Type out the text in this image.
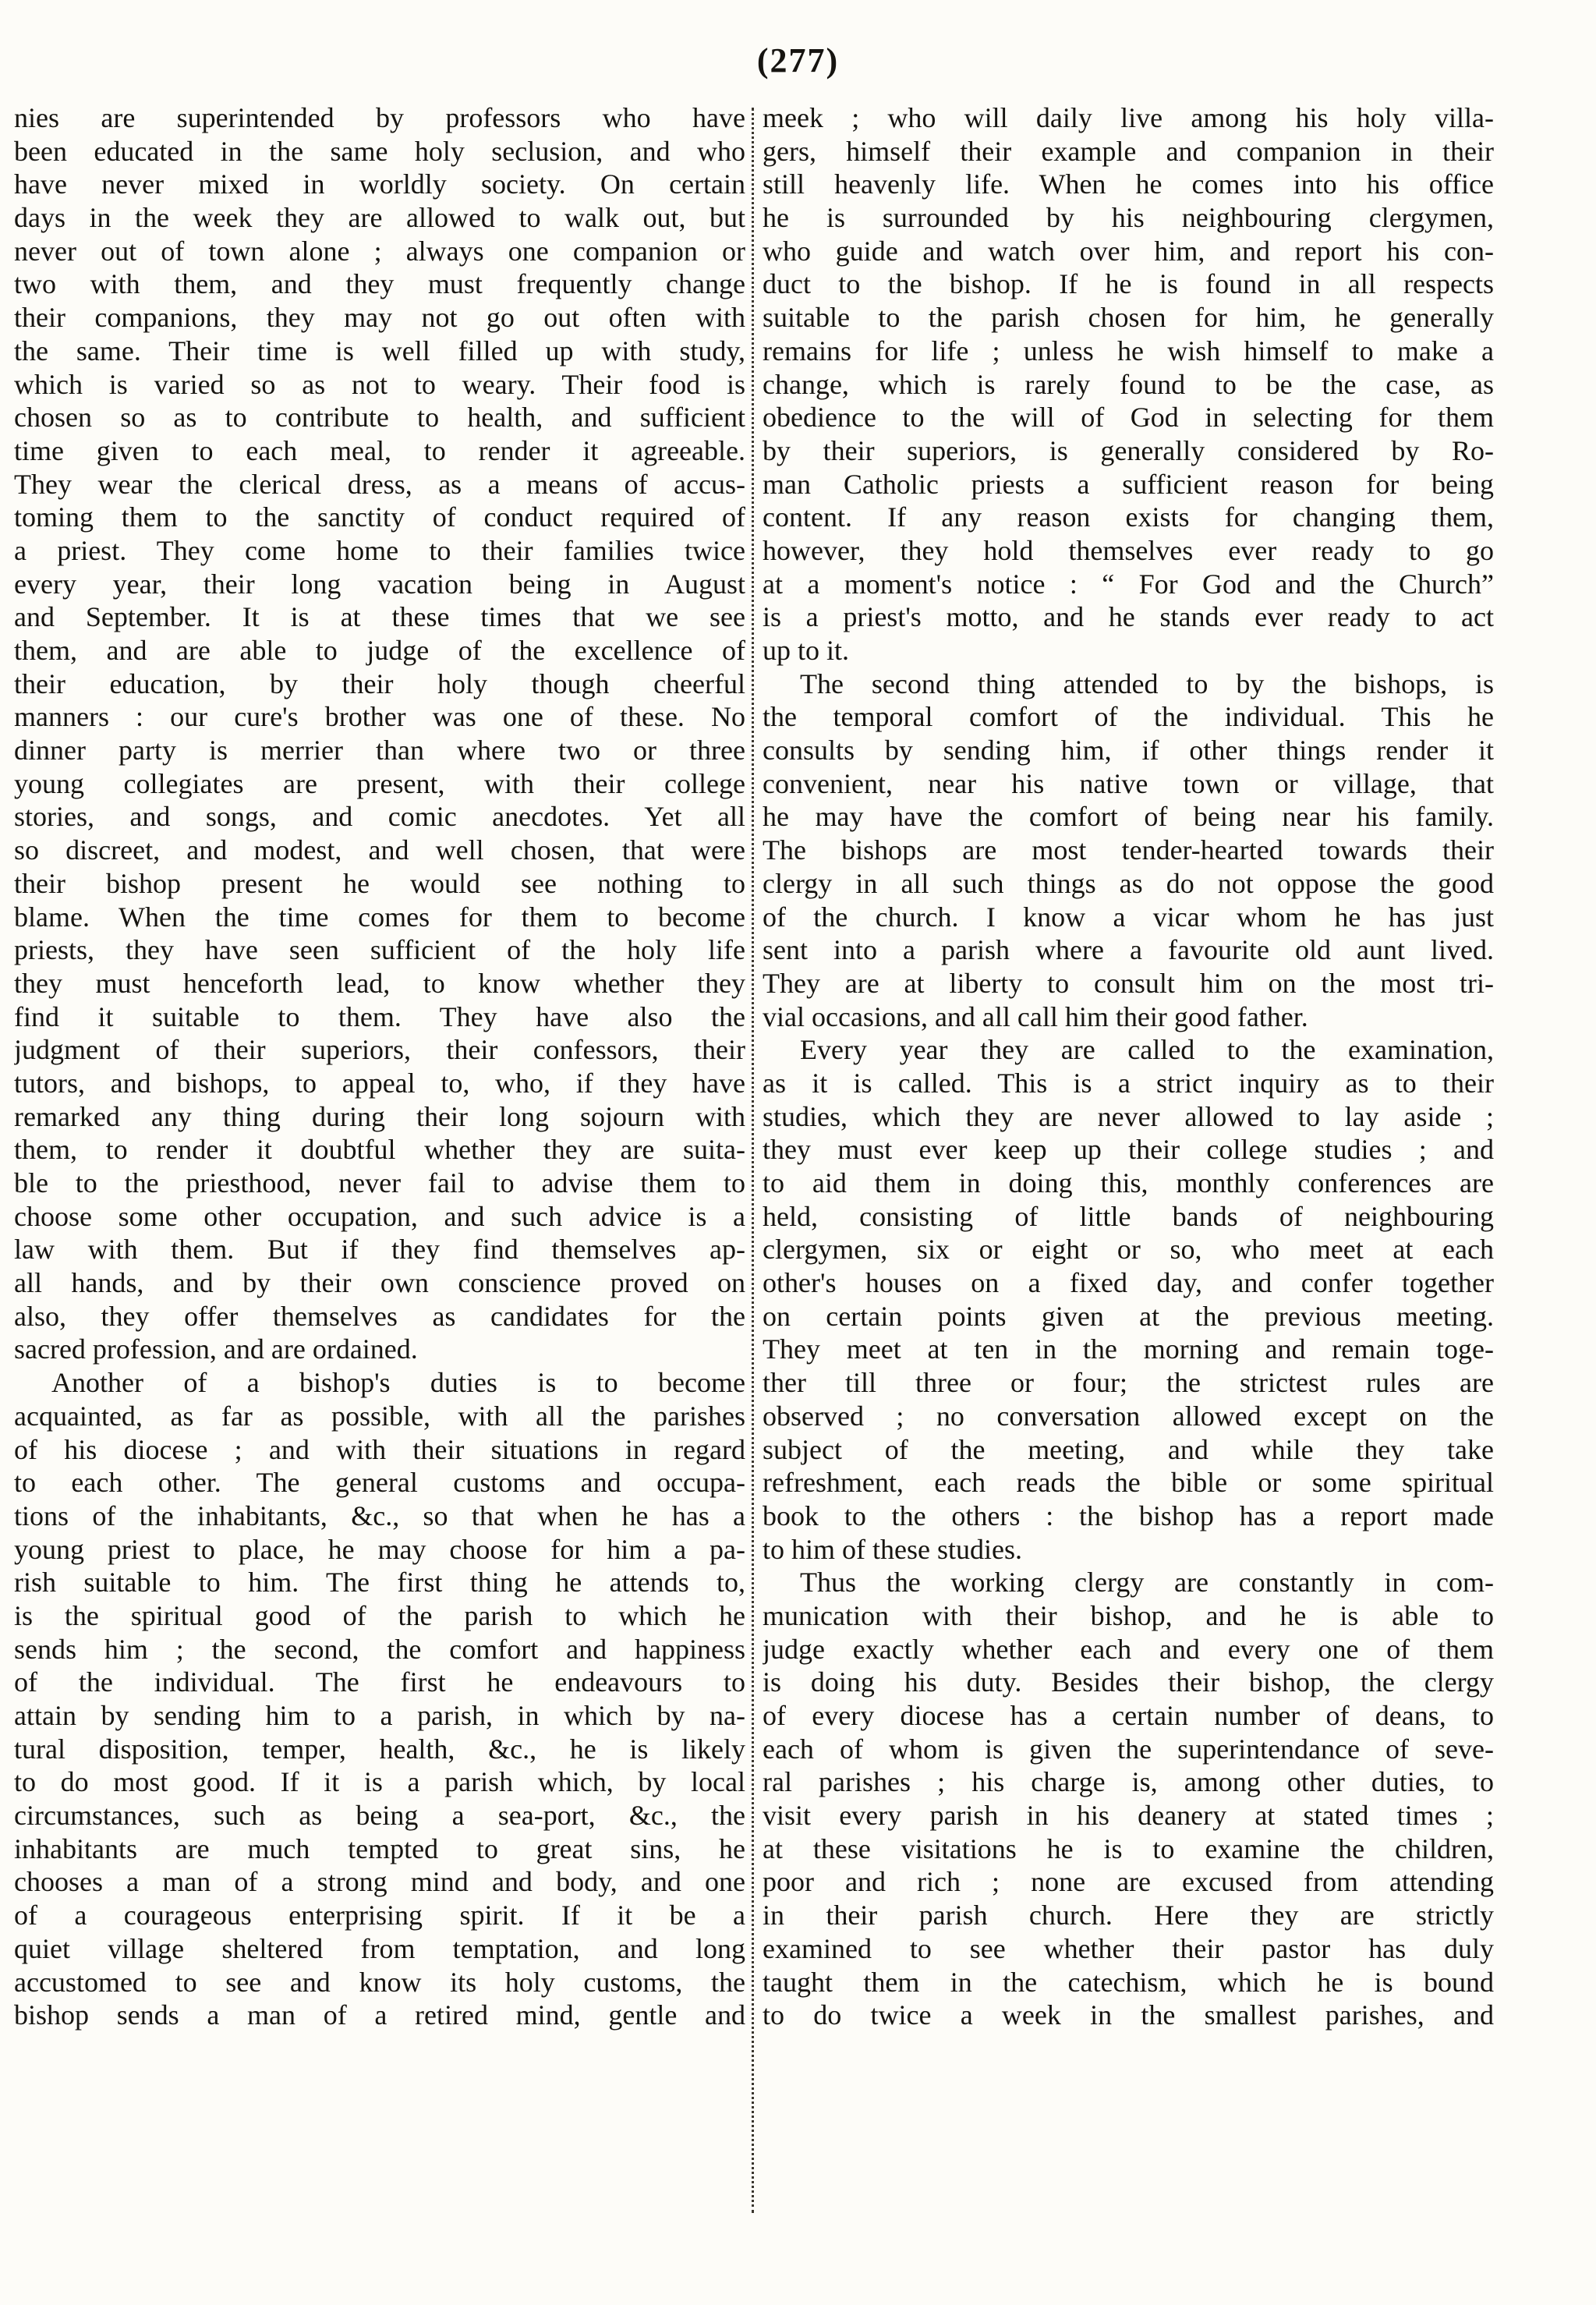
(277)

nies are superintended by professors who have

been educated in the same holy seclusion, and who

have never mixed in worldly society. On certain

days in the week they are allowed to walk out, but

never out of town alone ; always one companion or

two with them, and they must frequently change

their companions, they may not go out often with

the same. Their time is well filled up with study,

which is varied so as not to weary. Their food is

chosen so as to contribute to health, and sufficient

time given to each meal, to render it agreeable.

They wear the clerical dress, as a means of accus-

toming them to the sanctity of conduct required of

a priest. They come home to their families twice

every year, their long vacation being in August

and September. It is at these times that we see

them, and are able to judge of the excellence of

their education, by their holy though cheerful

manners : our cure's brother was one of these. No

dinner party is merrier than where two or three

young collegiates are present, with their college

stories, and songs, and comic anecdotes. Yet all

so discreet, and modest, and well chosen, that were

their bishop present he would see nothing to

blame. When the time comes for them to become

priests, they have seen sufficient of the holy life

they must henceforth lead, to know whether they

find it suitable to them. They have also the

judgment of their superiors, their confessors, their

tutors, and bishops, to appeal to, who, if they have

remarked any thing during their long sojourn with

them, to render it doubtful whether they are suita-

ble to the priesthood, never fail to advise them to

choose some other occupation, and such advice is a

law with them. But if they find themselves ap-

all hands, and by their own conscience proved on

also, they offer themselves as candidates for the

sacred profession, and are ordained.

Another of a bishop's duties is to become

acquainted, as far as possible, with all the parishes

of his diocese ; and with their situations in regard

to each other. The general customs and occupa-

tions of the inhabitants, &c., so that when he has a

young priest to place, he may choose for him a pa-

rish suitable to him. The first thing he attends to,

is the spiritual good of the parish to which he

sends him ; the second, the comfort and happiness

of the individual. The first he endeavours to

attain by sending him to a parish, in which by na-

tural disposition, temper, health, &c., he is likely

to do most good. If it is a parish which, by local

circumstances, such as being a sea-port, &c., the

inhabitants are much tempted to great sins, he

chooses a man of a strong mind and body, and one

of a courageous enterprising spirit. If it be a

quiet village sheltered from temptation, and long

accustomed to see and know its holy customs, the

bishop sends a man of a retired mind, gentle and

meek ; who will daily live among his holy villa-

gers, himself their example and companion in their

still heavenly life. When he comes into his office

he is surrounded by his neighbouring clergymen,

who guide and watch over him, and report his con-

duct to the bishop. If he is found in all respects

suitable to the parish chosen for him, he generally

remains for life ; unless he wish himself to make a

change, which is rarely found to be the case, as

obedience to the will of God in selecting for them

by their superiors, is generally considered by Ro-

man Catholic priests a sufficient reason for being

content. If any reason exists for changing them,

however, they hold themselves ever ready to go

at a moment's notice : “ For God and the Church”

is a priest's motto, and he stands ever ready to act

up to it.

The second thing attended to by the bishops, is

the temporal comfort of the individual. This he

consults by sending him, if other things render it

convenient, near his native town or village, that

he may have the comfort of being near his family.

The bishops are most tender-hearted towards their

clergy in all such things as do not oppose the good

of the church. I know a vicar whom he has just

sent into a parish where a favourite old aunt lived.

They are at liberty to consult him on the most tri-

vial occasions, and all call him their good father.

Every year they are called to the examination,

as it is called. This is a strict inquiry as to their

studies, which they are never allowed to lay aside ;

they must ever keep up their college studies ; and

to aid them in doing this, monthly conferences are

held, consisting of little bands of neighbouring

clergymen, six or eight or so, who meet at each

other's houses on a fixed day, and confer together

on certain points given at the previous meeting.

They meet at ten in the morning and remain toge-

ther till three or four; the strictest rules are

observed ; no conversation allowed except on the

subject of the meeting, and while they take

refreshment, each reads the bible or some spiritual

book to the others : the bishop has a report made

to him of these studies.

Thus the working clergy are constantly in com-

munication with their bishop, and he is able to

judge exactly whether each and every one of them

is doing his duty. Besides their bishop, the clergy

of every diocese has a certain number of deans, to

each of whom is given the superintendance of seve-

ral parishes ; his charge is, among other duties, to

visit every parish in his deanery at stated times ;

at these visitations he is to examine the children,

poor and rich ; none are excused from attending

in their parish church. Here they are strictly

examined to see whether their pastor has duly

taught them in the catechism, which he is bound

to do twice a week in the smallest parishes, and
